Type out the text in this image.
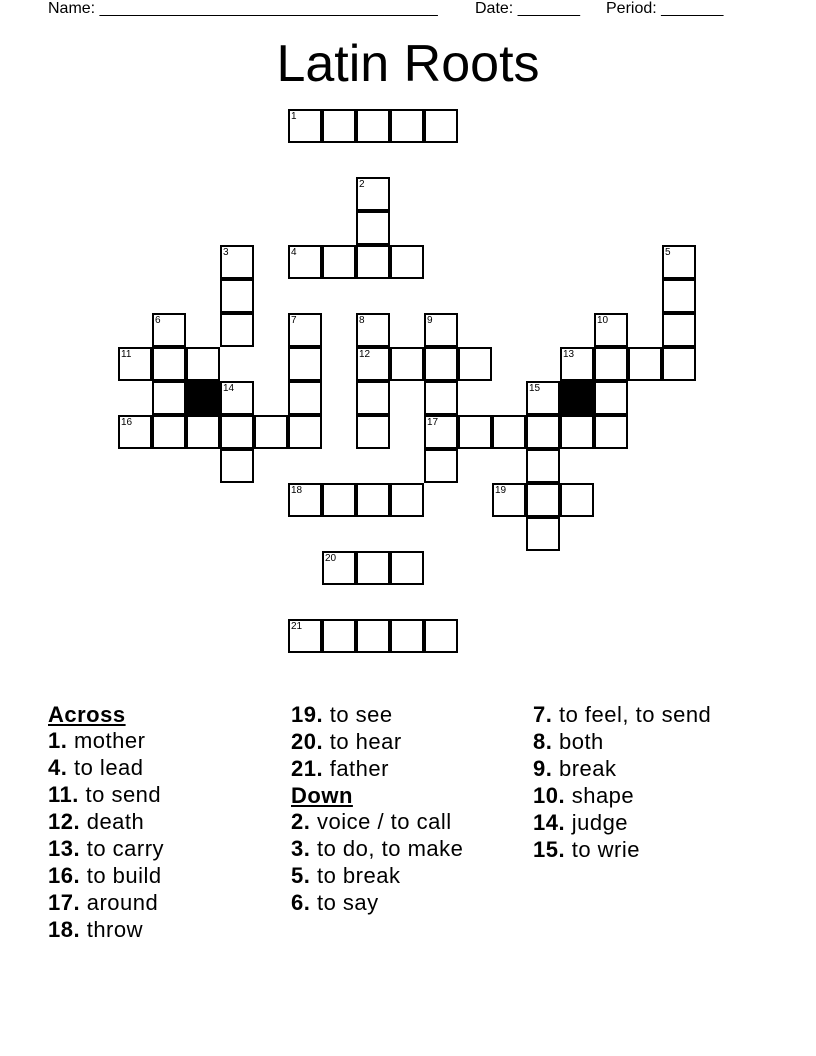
Name: ______________________________________ Date: _______ Period: _______
Latin Roots
1
2
3	4	5
6	7	8	9	10
11	12	13
14	15
16	17
18	19
20
21
Across
1. mother
4. to lead
11. to send
12. death
13. to carry
16. to build
17. around
18. throw
19. to see
20. to hear
21. father
Down
2. voice / to call
3. to do, to make
5. to break
6. to say
7. to feel, to send
8. both
9. break
10. shape
14. judge
15. to wrie
